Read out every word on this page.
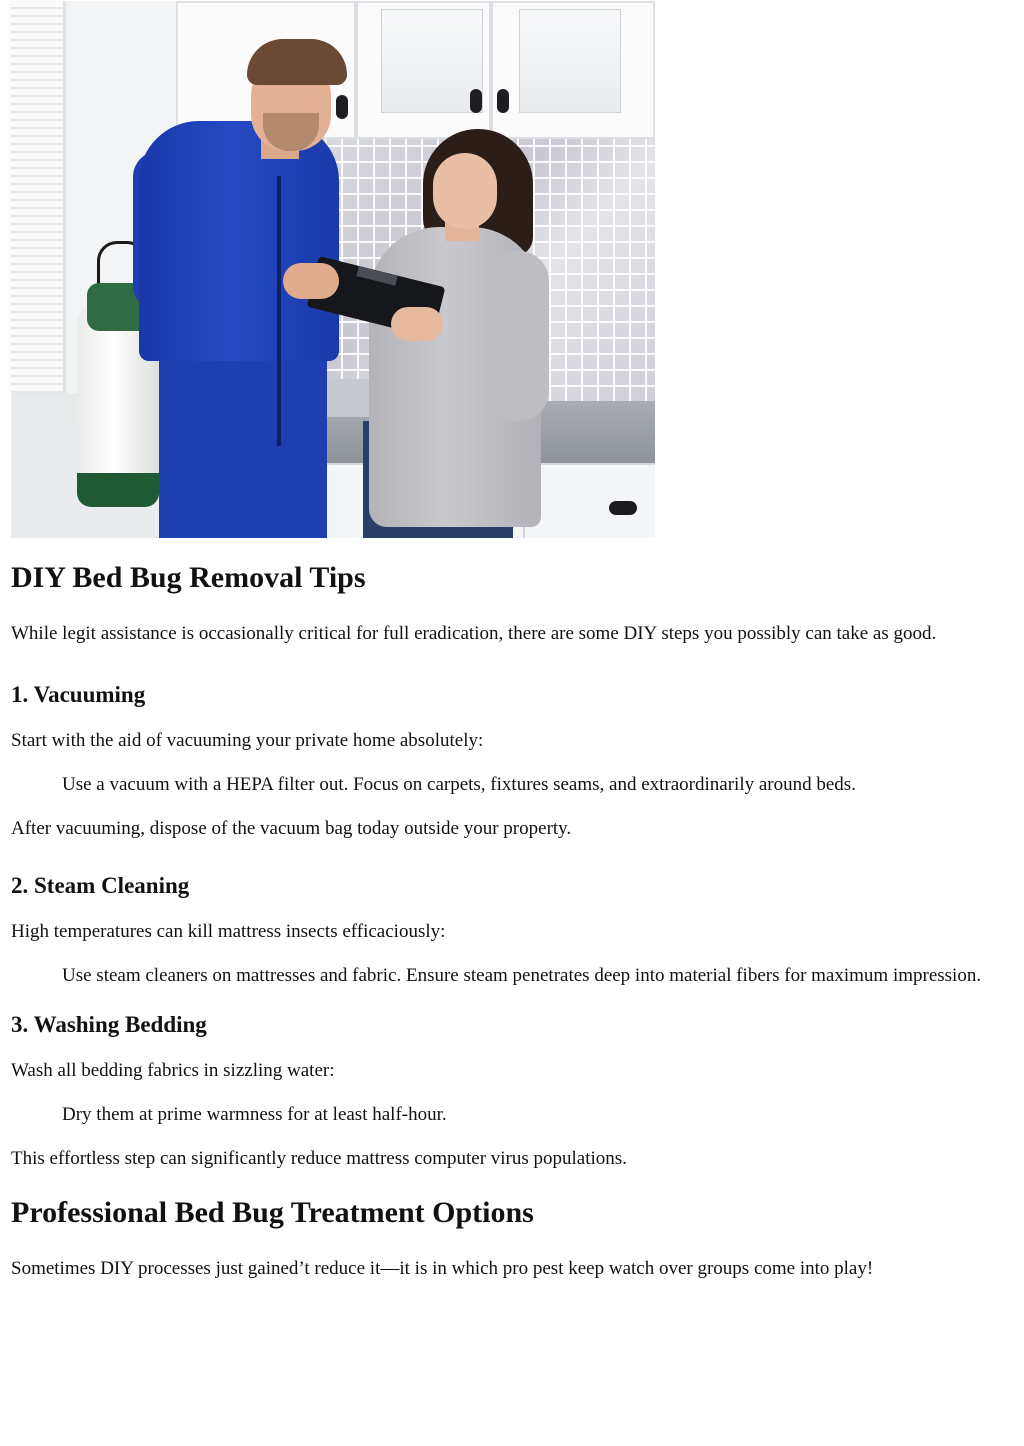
DIY Bed Bug Removal Tips

While legit assistance is occasionally critical for full eradication, there are some DIY steps you possibly can take as good.

1. Vacuuming

Start with the aid of vacuuming your private home absolutely:

Use a vacuum with a HEPA filter out. Focus on carpets, fixtures seams, and extraordinarily around beds.

After vacuuming, dispose of the vacuum bag today outside your property.

2. Steam Cleaning

High temperatures can kill mattress insects efficaciously:

Use steam cleaners on mattresses and fabric. Ensure steam penetrates deep into material fibers for maximum impression.

3. Washing Bedding

Wash all bedding fabrics in sizzling water:

Dry them at prime warmness for at least half-hour.

This effortless step can significantly reduce mattress computer virus populations.

Professional Bed Bug Treatment Options

Sometimes DIY processes just gained’t reduce it—it is in which pro pest keep watch over groups come into play!
